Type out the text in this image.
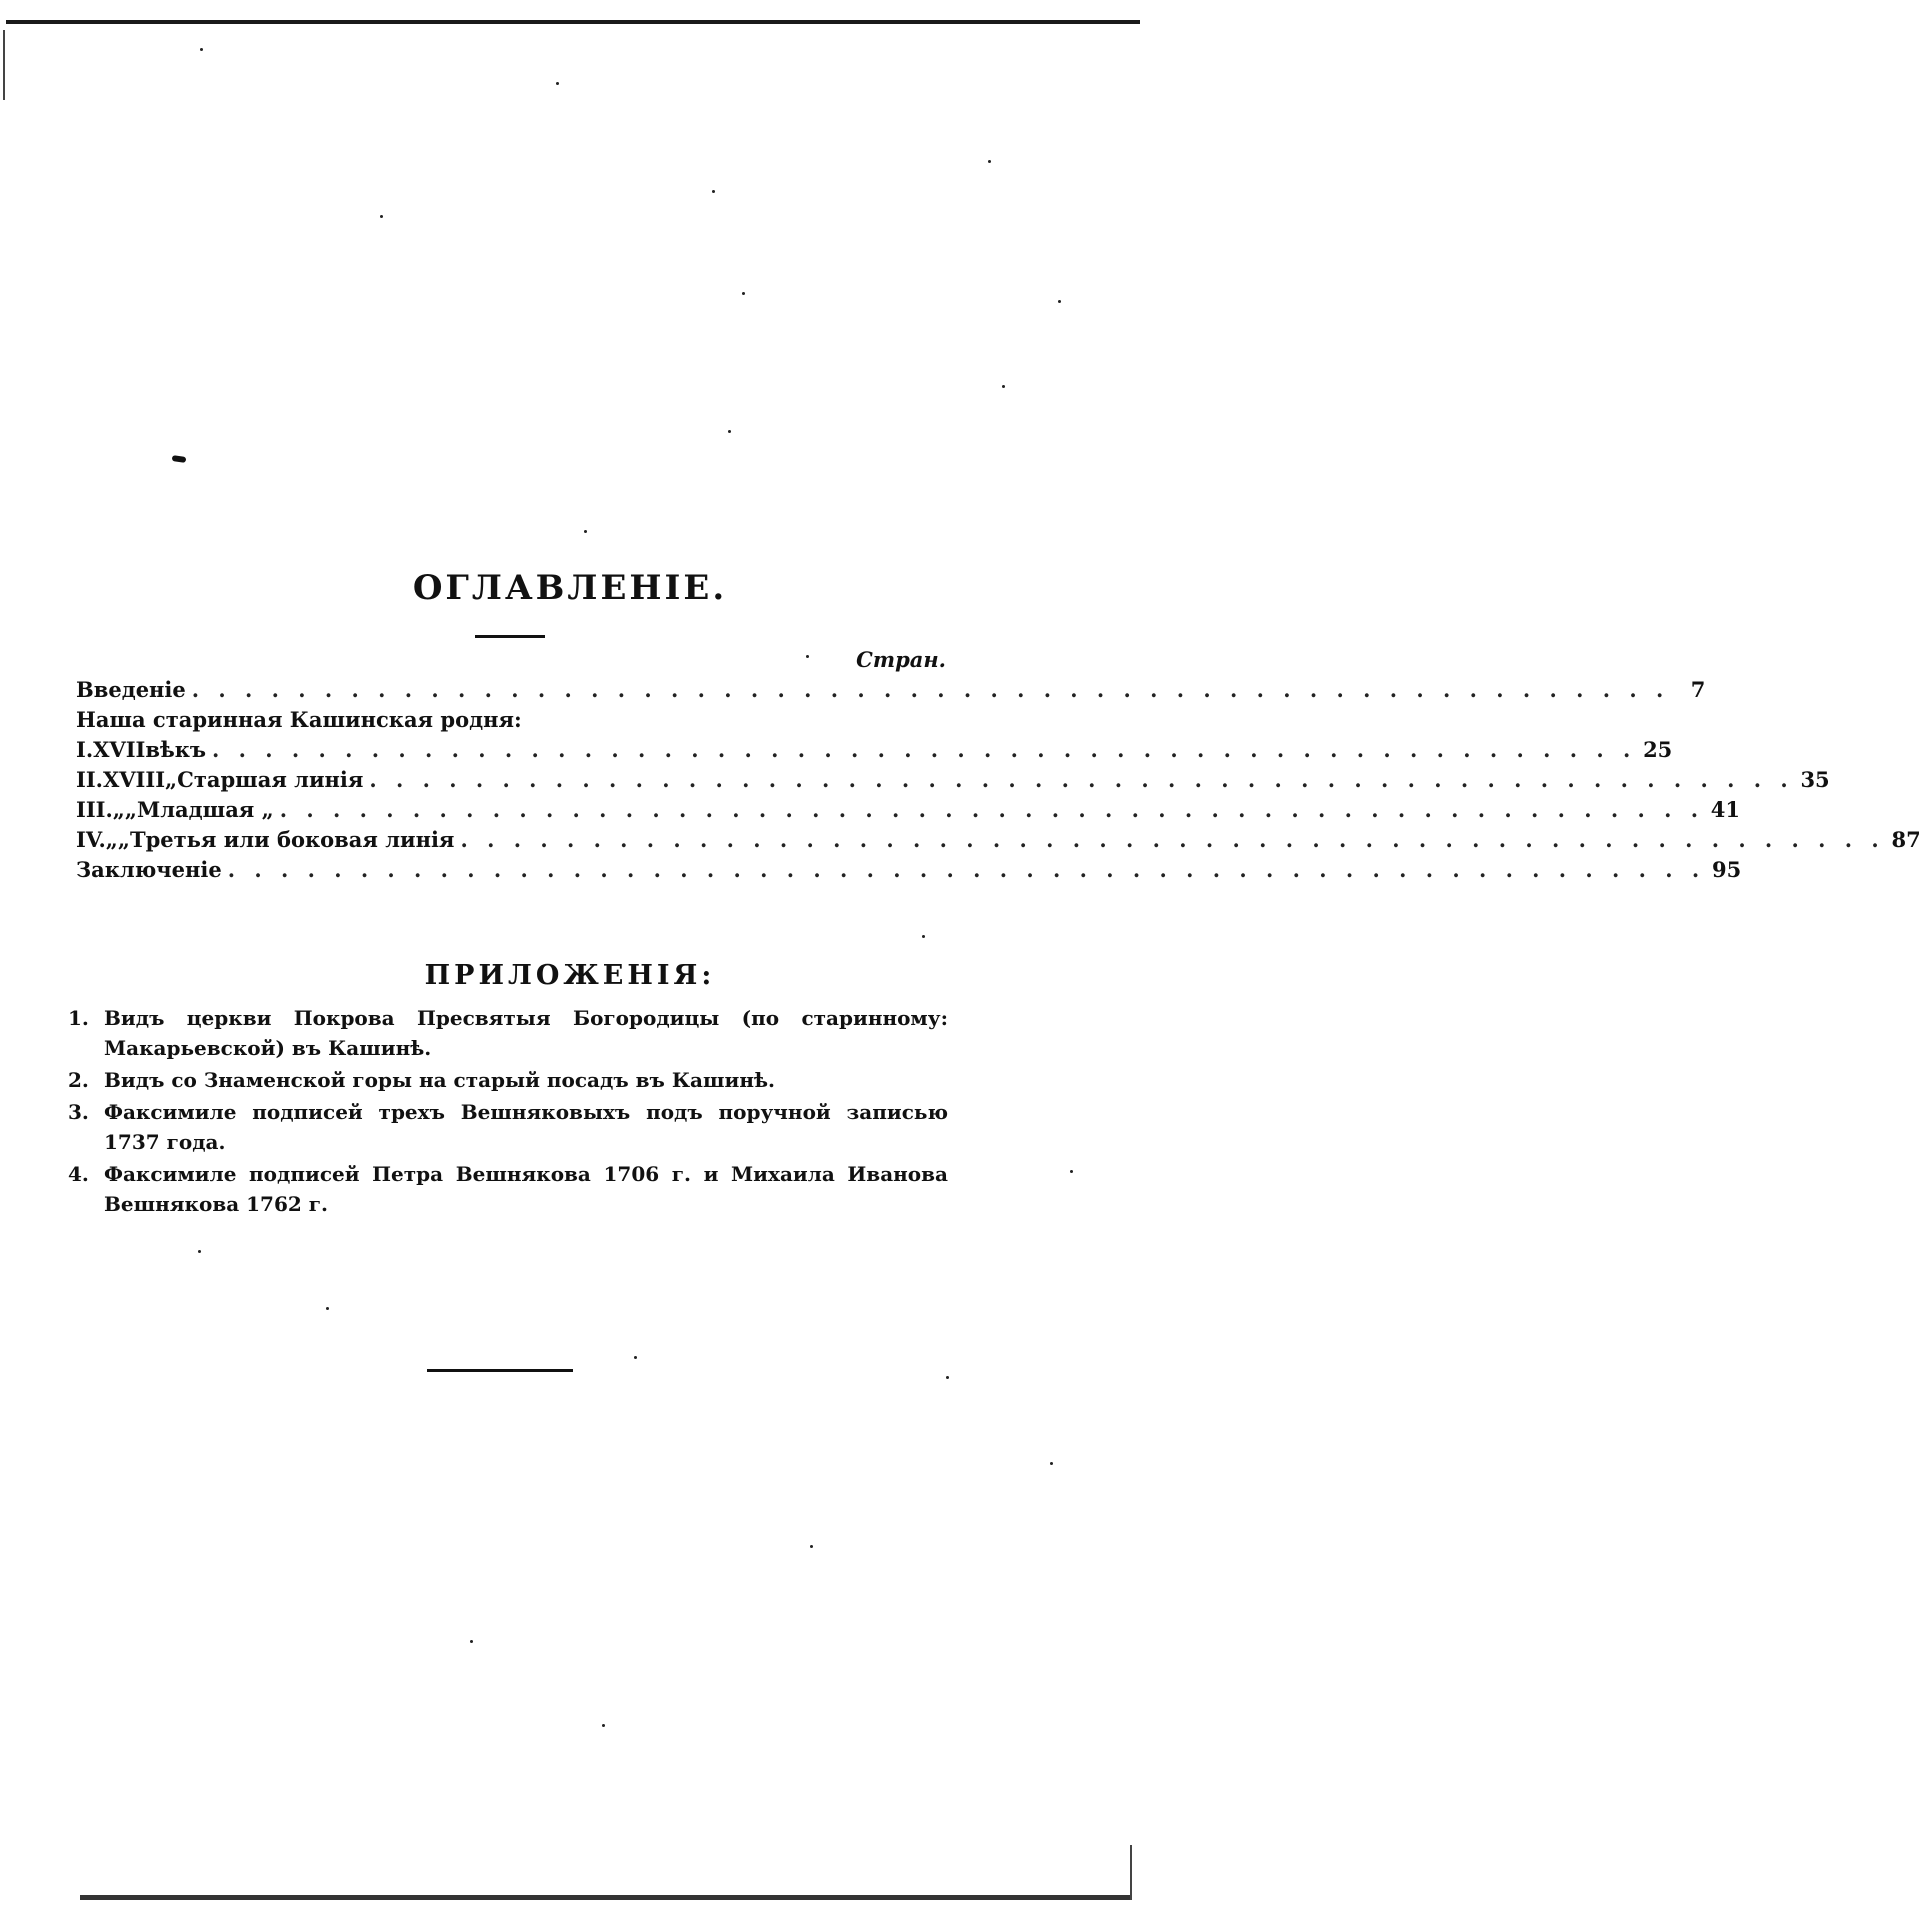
ОГЛАВЛЕНІЕ.
Стран.
Введеніе . . . . . . . . . . . . . . . . . . . . . . . . . . . . . . . . . . . . . . . . . . . . . . . . . . . . . . . .	7
Наша старинная Кашинская родня:
I. XVII вѣкъ . . . . . . . . . . . . . . . . . . . . . . . . . . . . . . . . . . . . . . . . . . . . . . . . . . . . . . 25
II. XVIII „ Старшая линія . . . . . . . . . . . . . . . . . . . . . . . . . . . . . . . . . . . . . . . . . . . . . . . . . . . . . . 35
III. „ „ Младшая „ . . . . . . . . . . . . . . . . . . . . . . . . . . . . . . . . . . . . . . . . . . . . . . . . . . . . . . 41
IV. „ „ Третья или боковая линія . . . . . . . . . . . . . . . . . . . . . . . . . . . . . . . . . . . . . . . . . . . . . . . . . . . . . . 87
Заключеніе . . . . . . . . . . . . . . . . . . . . . . . . . . . . . . . . . . . . . . . . . . . . . . . . . . . . . . . . 95
ПРИЛОЖЕНІЯ:
1. Видъ церкви Покрова Пресвятыя Богородицы (по старинному: Макарьевской) въ Кашинѣ.
2. Видъ со Знаменской горы на старый посадъ въ Кашинѣ.
3. Факсимиле подписей трехъ Вешняковыхъ подъ поручной записью 1737 года.
4. Факсимиле подписей Петра Вешнякова 1706 г. и Михаила Иванова Вешнякова 1762 г.
